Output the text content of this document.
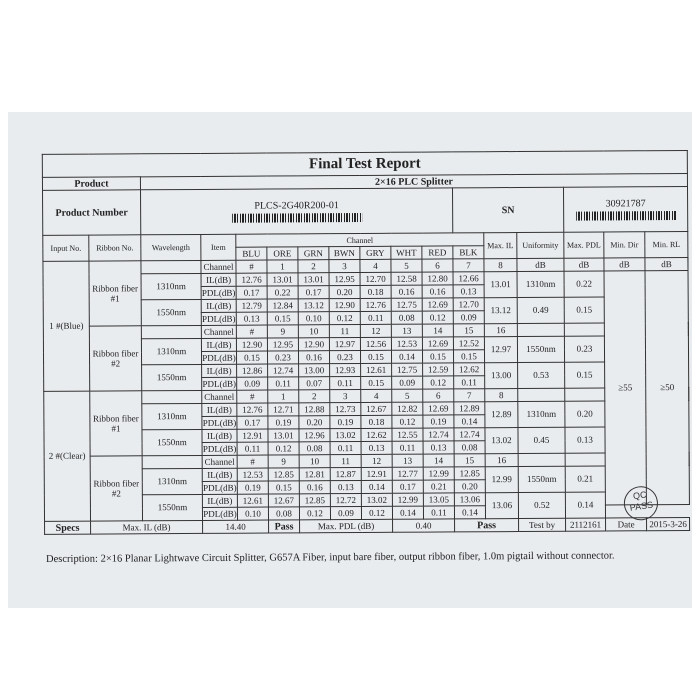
Final Test Report																	
Product		2×16 PLC Splitter															
Product Number		PLCS-2G40R200-01									SN			30921787			

Input No.	Ribbon No.	Wavelength	Item	Channel								Max. IL	Uniformity	Max. PDL	Min. Dir	Min. RL	
				BLU	ORE	GRN	BWN	GRY	WHT	RED	BLK						
1 #(Blue)	Ribbon fiber #1		Channel	#	1	2	3	4	5	6	7	8	dB	dB	dB	dB	
		1310nm	IL(dB)	12.76	13.01	13.01	12.95	12.70	12.58	12.80	12.66	13.01	1310nm	0.22	≥55	≥50	
			PDL(dB)	0.17	0.22	0.17	0.20	0.18	0.16	0.16	0.13						
		1550nm	IL(dB)	12.79	12.84	13.12	12.90	12.76	12.75	12.69	12.70	13.12	0.49	0.15			
			PDL(dB)	0.13	0.15	0.10	0.12	0.11	0.08	0.12	0.09						
	Ribbon fiber #2		Channel	#	9	10	11	12	13	14	15	16					
		1310nm	IL(dB)	12.90	12.95	12.90	12.97	12.56	12.53	12.69	12.52	12.97	1550nm	0.23			
			PDL(dB)	0.15	0.23	0.16	0.23	0.15	0.14	0.15	0.15						
		1550nm	IL(dB)	12.86	12.74	13.00	12.93	12.61	12.75	12.59	12.62	13.00	0.53	0.15			
			PDL(dB)	0.09	0.11	0.07	0.11	0.15	0.09	0.12	0.11						
2 #(Clear)	Ribbon fiber #1		Channel	#	1	2	3	4	5	6	7	8					
		1310nm	IL(dB)	12.76	12.71	12.88	12.73	12.67	12.82	12.69	12.89	12.89	1310nm	0.20			
			PDL(dB)	0.17	0.19	0.20	0.19	0.18	0.12	0.19	0.14						
		1550nm	IL(dB)	12.91	13.01	12.96	13.02	12.62	12.55	12.74	12.74	13.02	0.45	0.13			
			PDL(dB)	0.11	0.12	0.08	0.11	0.13	0.11	0.13	0.08						
	Ribbon fiber #2		Channel	#	9	10	11	12	13	14	15	16					
		1310nm	IL(dB)	12.53	12.85	12.81	12.87	12.91	12.77	12.99	12.85	12.99	1550nm	0.21			
			PDL(dB)	0.19	0.15	0.16	0.13	0.14	0.17	0.21	0.20						
		1550nm	IL(dB)	12.61	12.67	12.85	12.72	13.02	12.99	13.05	13.06	13.06	0.52	0.14			
			PDL(dB)	0.10	0.08	0.12	0.09	0.12	0.14	0.11	0.14						
Specs	Max. IL (dB)		14.40		Pass	Max. PDL (dB)			0.40		Pass		Test by	2112161	Date	2015-3-26	
QC
PASS
Description: 2×16 Planar Lightwave Circuit Splitter, G657A Fiber, input bare fiber, output ribbon fiber, 1.0m pigtail without connector.
